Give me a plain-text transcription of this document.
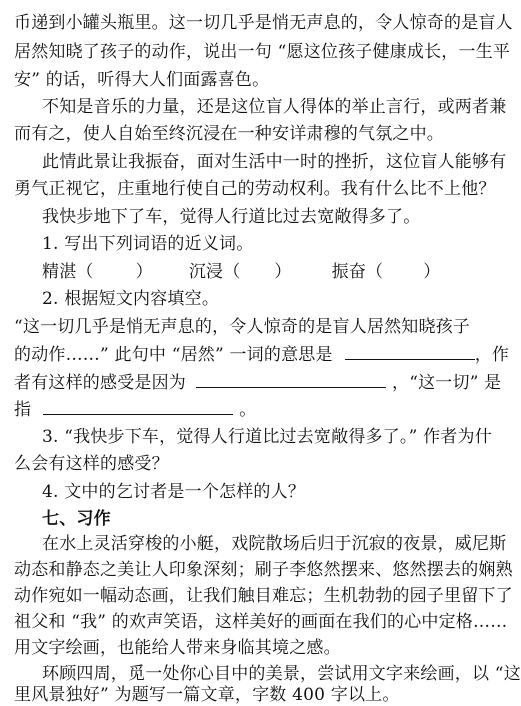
币递到小罐头瓶里。这一切几乎是悄无声息的，令人惊奇的是盲人
居然知晓了孩子的动作，说出一句 “愿这位孩子健康成长，一生平
安” 的话，听得大人们面露喜色。
不知是音乐的力量，还是这位盲人得体的举止言行，或两者兼
而有之，使人自始至终沉浸在一种安详肃穆的气氛之中。
此情此景让我振奋，面对生活中一时的挫折，这位盲人能够有
勇气正视它，庄重地行使自己的劳动权利。我有什么比不上他？
我快步地下了车，觉得人行道比过去宽敞得多了。
1. 写出下列词语的近义词。
精湛（ ） 沉浸（ ） 振奋（ ）
2. 根据短文内容填空。
“这一切几乎是悄无声息的，令人惊奇的是盲人居然知晓孩子
的动作……” 此句中 “居然” 一词的意思是	，作
者有这样的感受是因为	，“这一切” 是
指	。
3. “我快步下车，觉得人行道比过去宽敞得多了。” 作者为什
么会有这样的感受？
4. 文中的乞讨者是一个怎样的人？
七、习作
在水上灵活穿梭的小艇，戏院散场后归于沉寂的夜景，威尼斯
动态和静态之美让人印象深刻；刷子李悠然摆来、悠然摆去的娴熟
动作宛如一幅动态画，让我们触目难忘；生机勃勃的园子里留下了
祖父和 “我” 的欢声笑语，这样美好的画面在我们的心中定格……
用文字绘画，也能给人带来身临其境之感。
环顾四周，觅一处你心目中的美景，尝试用文字来绘画，以 “这
里风景独好” 为题写一篇文章，字数 400 字以上。
